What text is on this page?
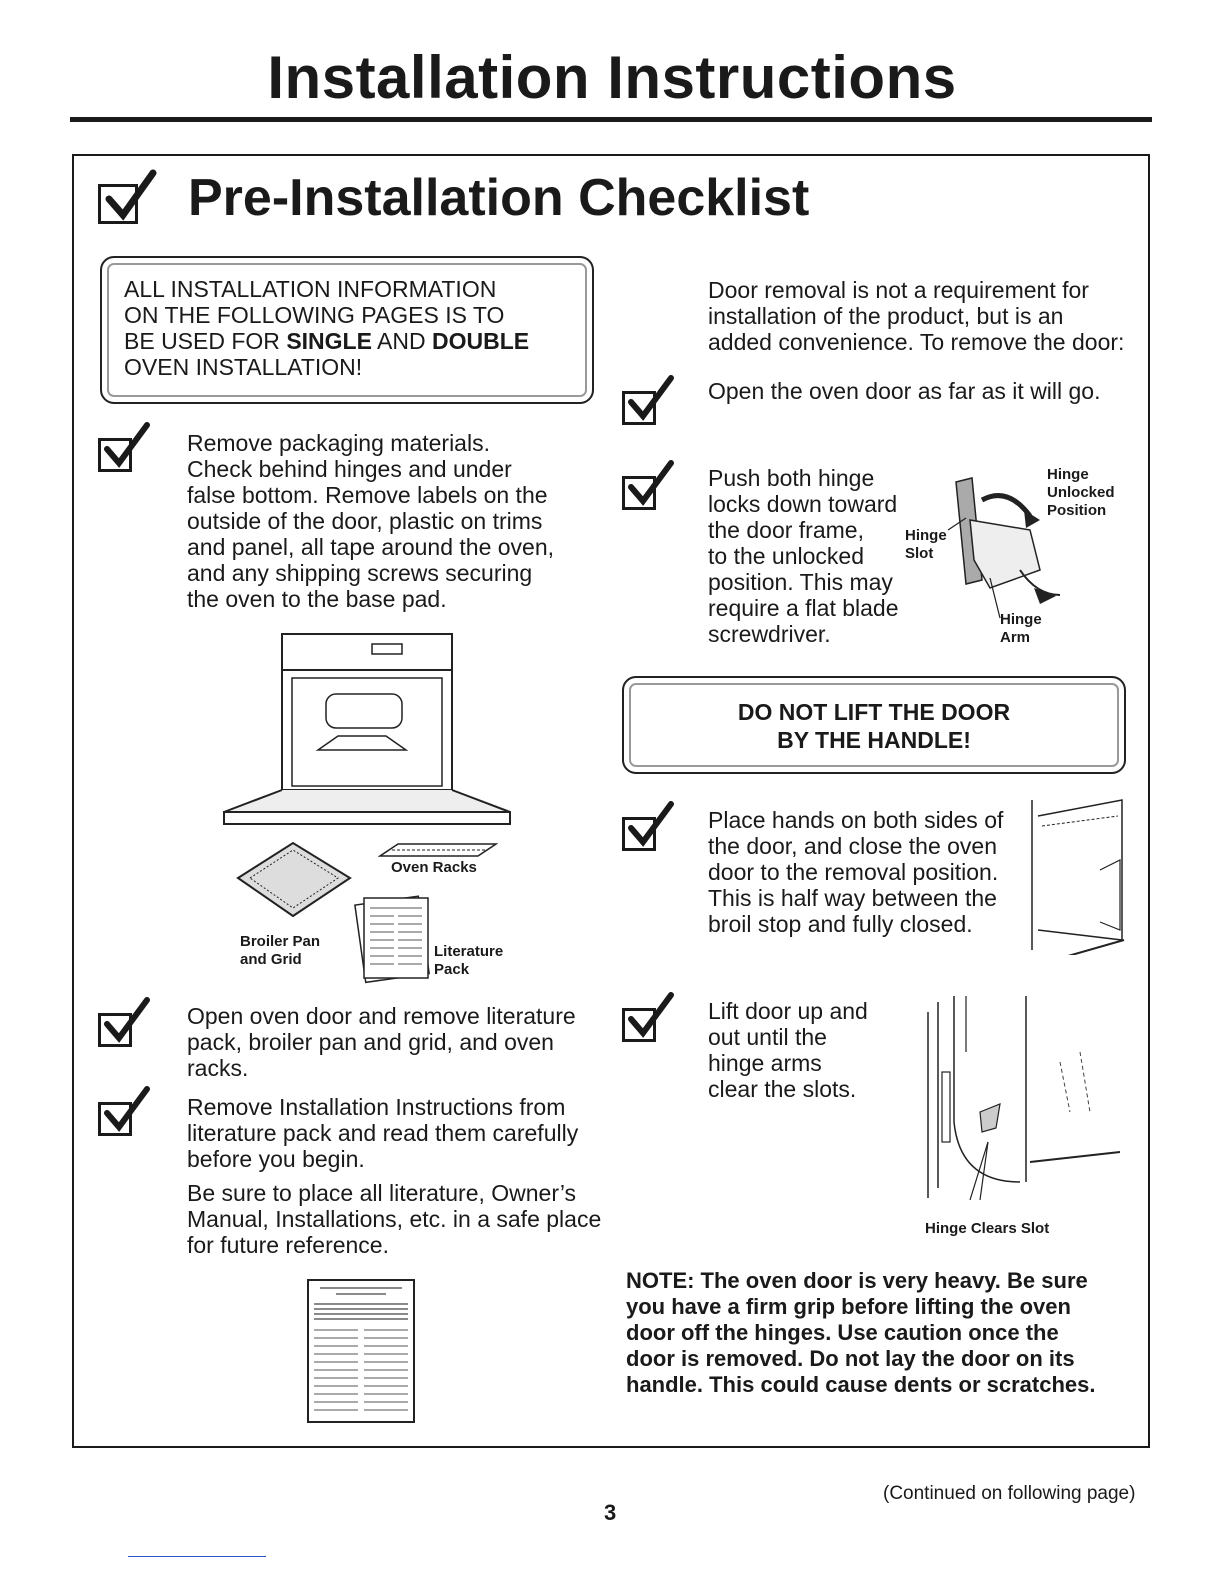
Installation Instructions
Pre-Installation Checklist
ALL INSTALLATION INFORMATION
ON THE FOLLOWING PAGES IS TO
BE USED FOR SINGLE AND DOUBLE
OVEN INSTALLATION!
Remove packaging materials.
Check behind hinges and under
false bottom. Remove labels on the
outside of the door, plastic on trims
and panel, all tape around the oven,
and any shipping screws securing
the oven to the base pad.
Oven Racks
Broiler Pan
and Grid	Literature
Pack
Open oven door and remove literature
pack, broiler pan and grid, and oven
racks.
Remove Installation Instructions from
literature pack and read them carefully
before you begin.
Be sure to place all literature, Owner’s
Manual, Installations, etc. in a safe place
for future reference.
Door removal is not a requirement for
installation of the product, but is an
added convenience. To remove the door:
Open the oven door as far as it will go.
Push both hinge
locks down toward
the door frame,
to the unlocked
position. This may
require a flat blade
screwdriver.
Hinge
Unlocked
Position
Hinge
Slot
Hinge
Arm
DO NOT LIFT THE DOOR
BY THE HANDLE!
Place hands on both sides of
the door, and close the oven
door to the removal position.
This is half way between the
broil stop and fully closed.
Lift door up and
out until the
hinge arms
clear the slots.
Hinge Clears Slot
NOTE: The oven door is very heavy. Be sure
you have a firm grip before lifting the oven
door off the hinges. Use caution once the
door is removed. Do not lay the door on its
handle. This could cause dents or scratches.
(Continued on following page)
3
